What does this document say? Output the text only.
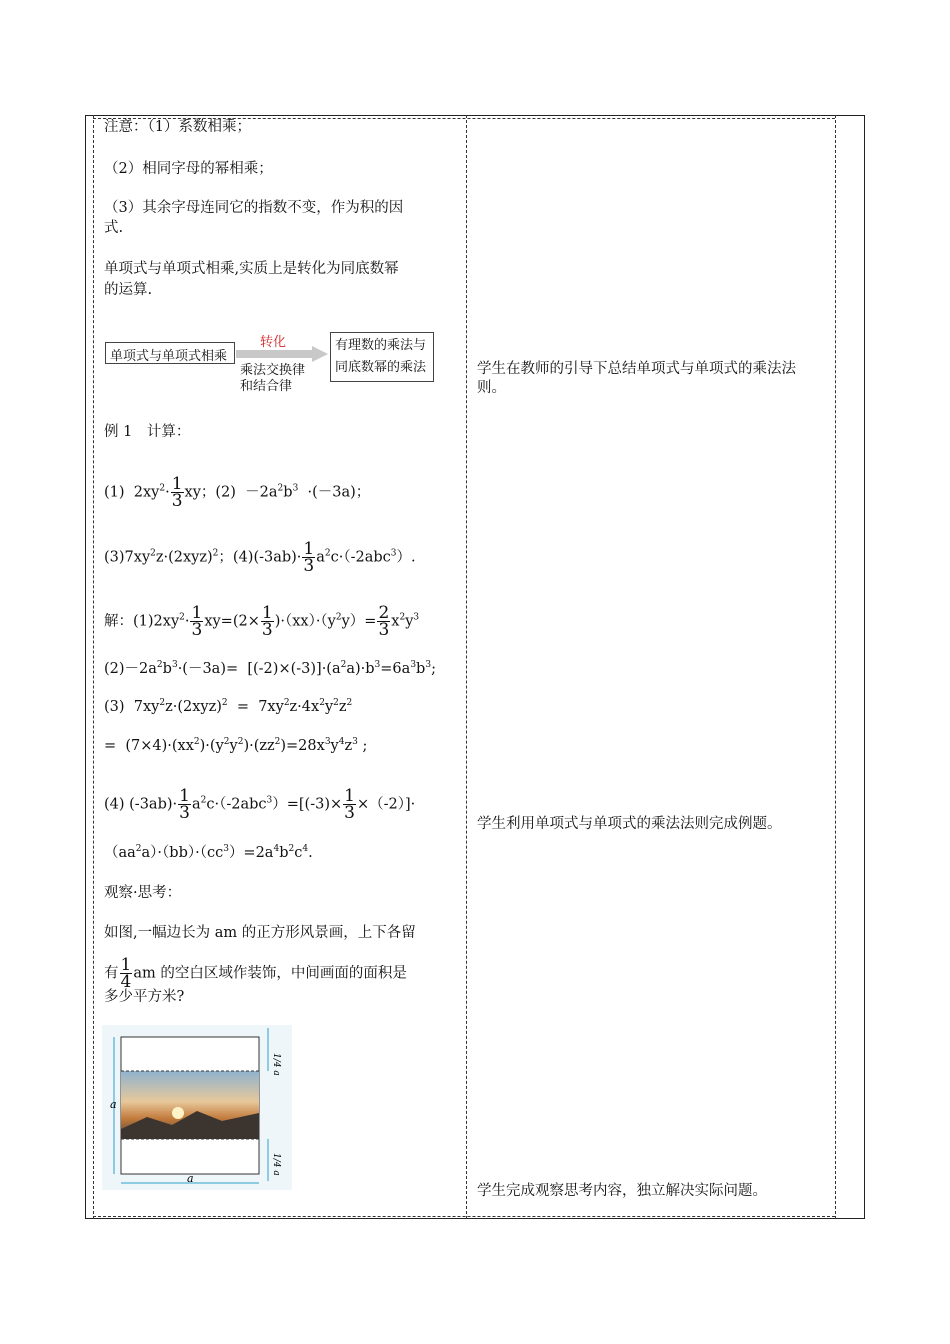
注意：（1）系数相乘；
（2）相同字母的幂相乘；
（3）其余字母连同它的指数不变，作为积的因
式.
单项式与单项式相乘,实质上是转化为同底数幂
的运算.
单项式与单项式相乘
转化
乘法交换律
和结合律
有理数的乘法与
同底数幂的乘法
例 1　计算：
(1)  $2xy^2\cdot \frac{1}{3}$ xy；$(2) -2a^2b^3 \cdot(-3a)$；
$(3)7xy^2z\cdot(2xyz)^2$；$(4)(-3ab)\cdot \frac{1}{3} a^2c\cdot(-2abc^3)$.
解：$(1)2xy^2\cdot \frac{1}{3} xy=(2\times \frac{1}{3} )\cdot(xx)\cdot(y^2y)= \frac{2}{3} x^2y^3$
$(2)-2a^2b^3\cdot(-3a)= [(-2)\times(-3)]\cdot(a^2a)\cdot b^3=6a^3b^3$;
(3)  $7xy^2z\cdot(2xyz)^2 = 7xy^2z\cdot 4x^2y^2z^2$
=  $(7\times 4)\cdot(xx^2)\cdot(y^2y^2)\cdot(zz^2)=28x^3y^4z^3$ ;
(4) $(-3ab)\cdot \frac{1}{3} a^2c\cdot(-2abc^3)=[(-3)\times \frac{1}{3} \times(-2)]\cdot$
$(aa^2a)\cdot(bb)\cdot(cc^3)=2a^4b^2c^4$.
观察·思考：
如图,一幅边长为 am 的正方形风景画，上下各留
有 $\frac{1}{4}$ am 的空白区域作装饰，中间画面的面积是
多少平方米?
a
a
1/4 a
1/4 a
学生在教师的引导下总结单项式与单项式的乘法法则。
学生利用单项式与单项式的乘法法则完成例题。
学生完成观察思考内容，独立解决实际问题。
